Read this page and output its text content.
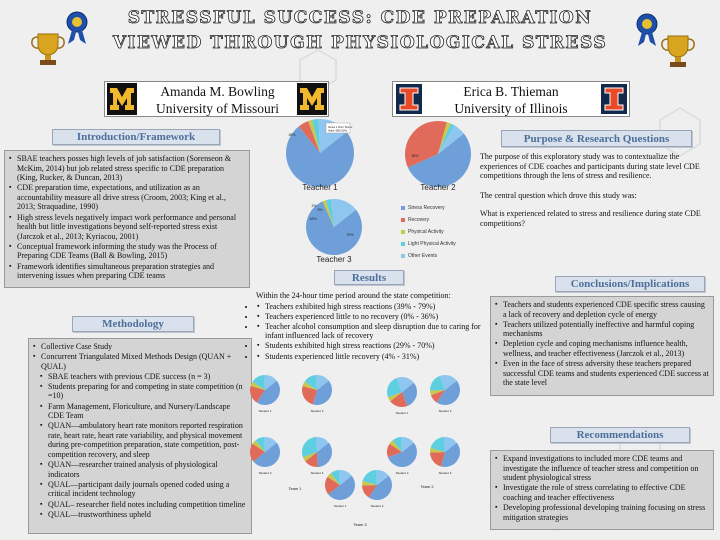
STRESSFUL SUCCESS: CDE PREPARATION
VIEWED THROUGH PHYSIOLOGICAL STRESS
Amanda M. Bowling
University of Missouri
Erica B. Thieman
University of Illinois
Introduction/Framework
▪ SBAE teachers posses high levels of job satisfaction (Sorenseon & McKim, 2014) but job related stress specific to CDE preparation (King, Rucker, & Duncan, 2013)
▪ CDE preparation time, expectations, and utilization as an accountability measure all drive stress (Croom, 2003; King et al., 2013; Straquadine, 1990)
▪ High stress levels negatively impact work performance and personal health but little investigations beyond self-reported stress exist (Jarczok et al., 2013; Kyriacou, 2001)
▪ Conceptual framework informing the study was the Process of Preparing CDE Teams (Ball & Bowling, 2015)
▪ Framework identifies simultaneous preparation strategies and intervening issues when preparing CDE teams
Methodology
▪ Collective Case Study
▪ Concurrent Triangulated Mixed Methods Design (QUAN + QUAL)
▪ SBAE teachers with previous CDE success (n = 3)
▪ Students preparing for and competing in state competition (n =10)
▪ Farm Management, Floriculture, and Nursery/Landscape CDE Team
▪ QUAN—ambulatory heart rate monitors reported respiration rate, heart rate, heart rate variability, and physical movement during pre-competition preparation, state competition, post-competition recovery, and sleep
▪ QUAN—researcher trained analysis of physiological indicators
▪ QUAL—participant daily journals opened coded using a critical incident technology
▪ QUAL– researcher field notes including competition timeline
▪ QUAL—trustworthiness upheld
Purpose & Research Questions

The purpose of this exploratory study was to contextualize the experiences of CDE coaches and participants during state level CDE competitions through the lens of stress and resilience.

The central question which drove this study was:

What is experienced related to stress and resilience during state CDE competitions?

Teacher 1	Teacher 2
Teacher 3
26%
36%
79%
2%
3%
16%
Series 1 Point 'Stress'
Value: 588 (15%)
Stress Recovery
Recovery
Physical Activity
Light Physical Activity
Other Events
Results

Within the 24-hour time period around the state competition:

▪ • Teachers exhibited high stress reactions (39% - 79%)
▪ • Teachers experienced little to no recovery (0% - 36%)
▪ • Teacher alcohol consumption and sleep disruption due to caring for infant influenced lack of recovery
▪ • Students exhibited high stress reactions (29% - 70%)
▪ • Students experienced little recovery (4% - 31%)
Student 1	Student 2
Student 3	Student 4
Team 1
Student 1	Student 2
Student 3	Student 4
Team 2
Student 1	Student 2
Team 3
Conclusions/Implications
▪ Teachers and students experienced CDE specific stress causing a lack of recovery and depletion cycle of energy
▪ Teachers utilized potentially ineffective and harmful coping mechanisms
▪ Depletion cycle and coping mechanisms influence health, wellness, and teacher effectiveness (Jarczok et al., 2013)
▪ Even in the face of stress adversity these teachers prepared successful CDE teams and students experienced CDE success at the state level
Recommendations
▪ Expand investigations to included more CDE teams and investigate the influence of teacher stress and competition on student physiological stress
▪ Investigate the role of stress correlating to effective CDE coaching and teacher effectiveness
▪ Developing professional developing training focusing on stress mitigation strategies
